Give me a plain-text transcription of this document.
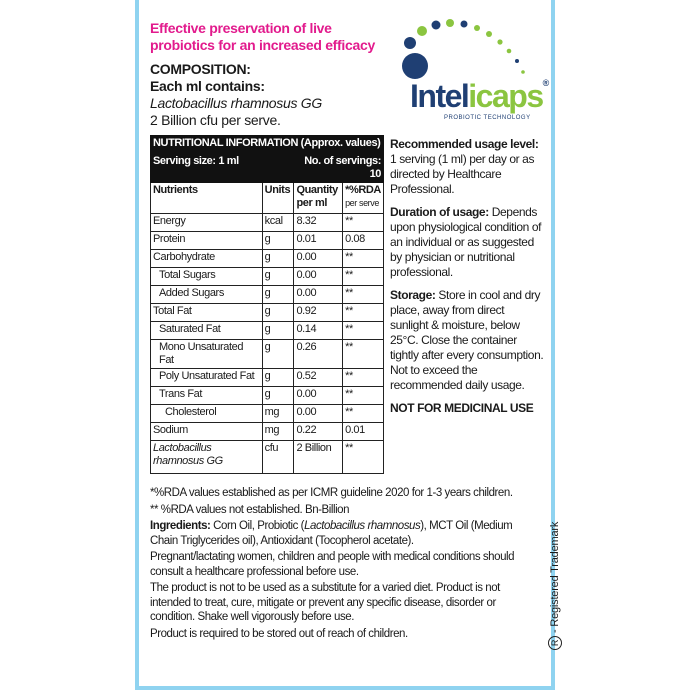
Effective preservation of live probiotics for an increased efficacy
COMPOSITION:
Each ml contains:
Lactobacillus rhamnosus GG
2 Billion cfu per serve.
Intelicaps®
PROBIOTIC TECHNOLOGY
NUTRITIONAL INFORMATION (Approx. values)			
Serving size: 1 ml		No. of servings: 10	
Nutrients	Units	Quantity per ml	*%RDA
per serve
Energy	kcal	8.32	**
Protein	g	0.01	0.08
Carbohydrate	g	0.00	**
Total Sugars	g	0.00	**
Added Sugars	g	0.00	**
Total Fat	g	0.92	**
Saturated Fat	g	0.14	**
Mono Unsaturated Fat	g	0.26	**
Poly Unsaturated Fat	g	0.52	**
Trans Fat	g	0.00	**
Cholesterol	mg	0.00	**
Sodium	mg	0.22	0.01
Lactobacillus
rhamnosus GG	cfu	2 Billion	**

Recommended usage level:
1 serving (1 ml) per day or as directed by Healthcare Professional.

Duration of usage: Depends upon physiological condition of an individual or as suggested by physician or nutritional professional.

Storage: Store in cool and dry place, away from direct sunlight & moisture, below 25°C. Close the container tightly after every consumption. Not to exceed the recommended daily usage.

NOT FOR MEDICINAL USE

*%RDA values established as per ICMR guideline 2020 for 1-3 years children.

** %RDA values not established. Bn-Billion

Ingredients: Corn Oil, Probiotic (Lactobacillus rhamnosus), MCT Oil (Medium Chain Triglycerides oil), Antioxidant (Tocopherol acetate).

Pregnant/lactating women, children and people with medical conditions should consult a healthcare professional before use.

The product is not to be used as a substitute for a varied diet. Product is not intended to treat, cure, mitigate or prevent any specific disease, disorder or condition. Shake well vigorously before use.

Product is required to be stored out of reach of children.

R- Registered Trademark
